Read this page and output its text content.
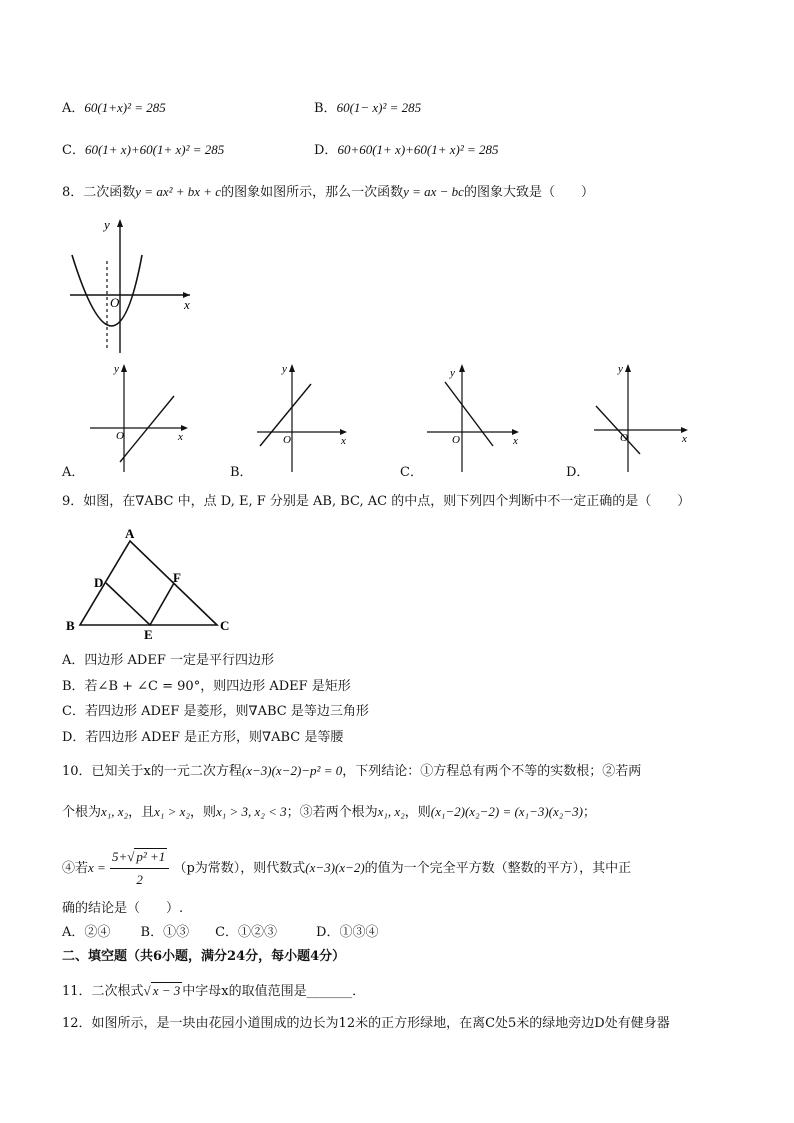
A．60(1+x)² = 285	B．60(1− x)² = 285
C．60(1+ x)+60(1+ x)² = 285	D．60+60(1+ x)+60(1+ x)² = 285
8．二次函数y = ax² + bx + c的图象如图所示，那么一次函数y = ax − bc的图象大致是（　　）
x
y
O
x
y
O
A．
x
y
O
B．
x
y
O
C．
x
y
O
D．
9．如图，在∇ABC 中，点 D, E, F 分别是 AB, BC, AC 的中点，则下列四个判断中不一定正确的是（　　）
A
B	C
D
E
F
A．四边形 ADEF 一定是平行四边形
B．若∠B + ∠C = 90°，则四边形 ADEF 是矩形
C．若四边形 ADEF 是菱形，则∇ABC 是等边三角形
D．若四边形 ADEF 是正方形，则∇ABC 是等腰
10．已知关于x的一元二次方程(x−3)(x−2)−p² = 0，下列结论：①方程总有两个不等的实数根；②若两
个根为x₁, x₂，且x₁ > x₂，则x₁ > 3, x₂ < 3；③若两个根为x₁, x₂，则(x₁−2)(x₂−2) = (x₁−3)(x₂−3)；
④若$x = \frac{\text{5+√ p² +1}}{2} (p$为常数），则代数式(x−3)(x−2)的值为一个完全平方数（整数的平方），其中正
确的结论是（　　）.
A．②④　　 B．①③　　C．①②③　　　D．①③④
二、填空题（共6小题，满分24分，每小题4分）
11．二次根式√ x − 3 中字母x的取值范围是_______．
12．如图所示，是一块由花园小道围成的边长为12米的正方形绿地，在离C处5米的绿地旁边D处有健身器
